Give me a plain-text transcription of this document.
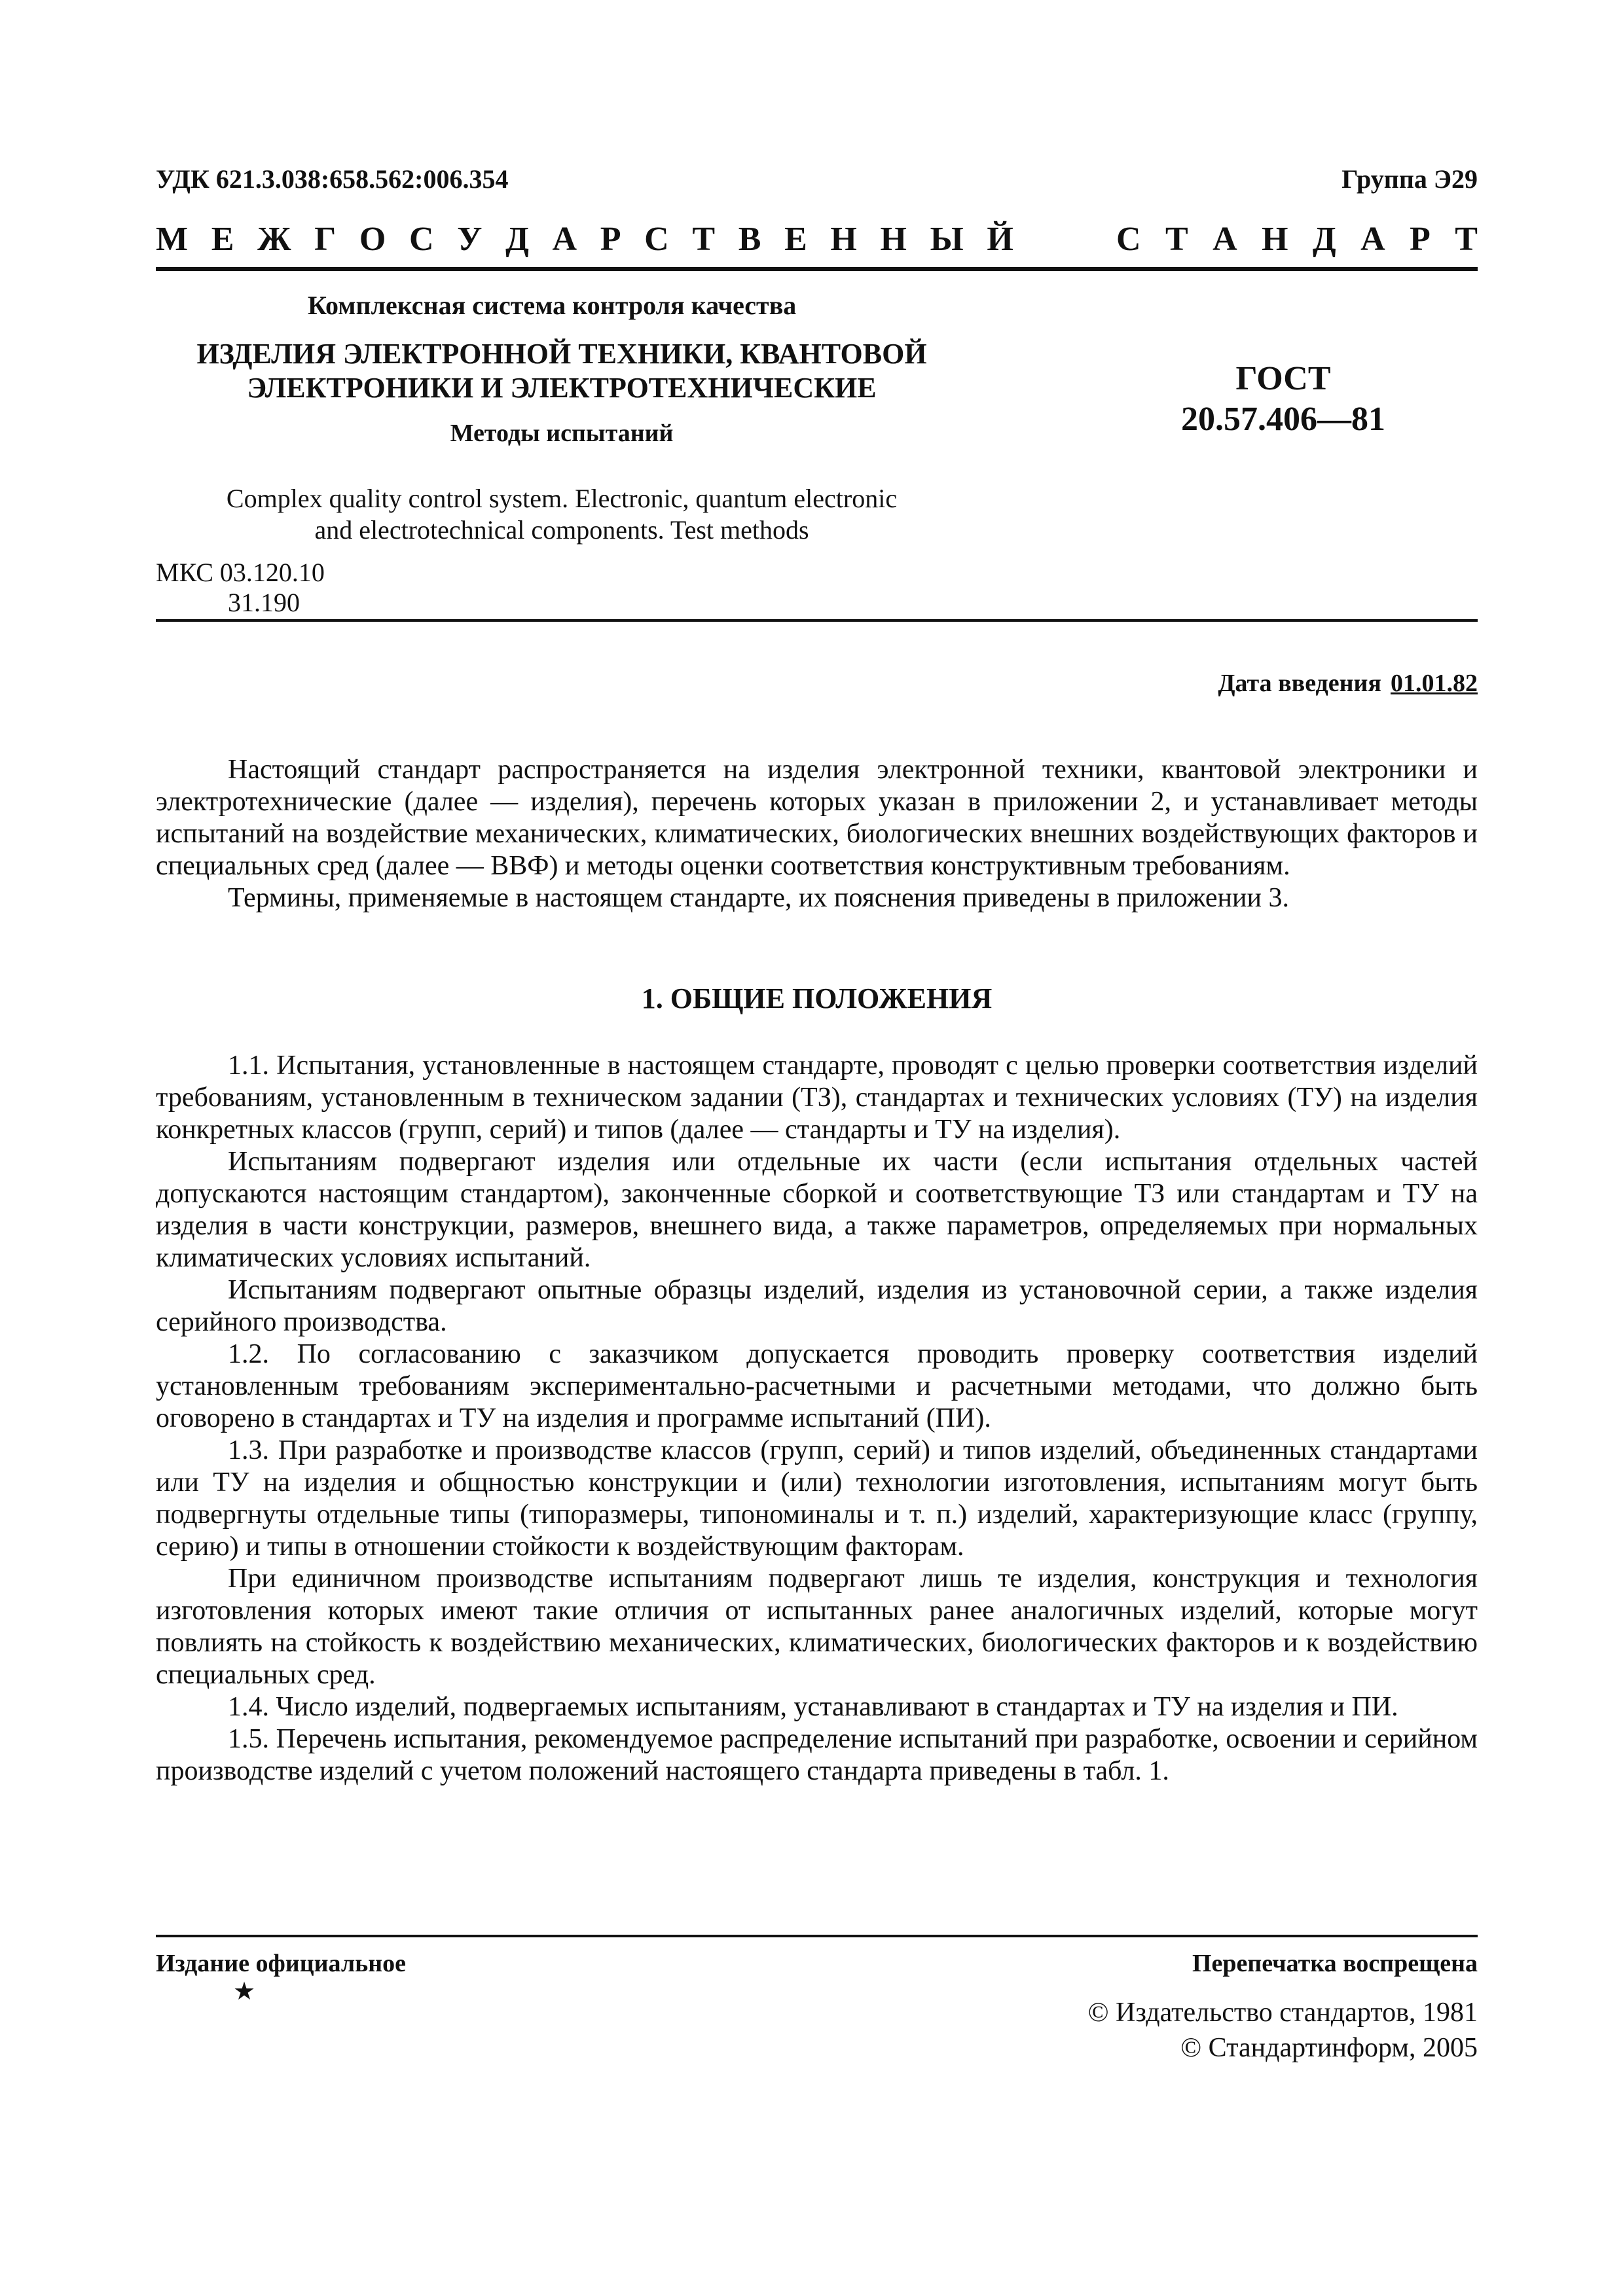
УДК 621.3.038:658.562:006.354	Группа Э29
М Е Ж Г О С У Д А Р С Т В Е Н Н Ы Й	С Т А Н Д А Р Т
Комплексная система контроля качества
ИЗДЕЛИЯ ЭЛЕКТРОННОЙ ТЕХНИКИ, КВАНТОВОЙ
ЭЛЕКТРОНИКИ И ЭЛЕКТРОТЕХНИЧЕСКИЕ
Методы испытаний
ГОСТ
20.57.406—81
Complex quality control system. Electronic, quantum electronic
and electrotechnical components. Test methods
МКС 03.120.10
31.190
Дата введения 01.01.82

Настоящий стандарт распространяется на изделия электронной техники, квантовой электроники и электротехнические (далее — изделия), перечень которых указан в приложении 2, и устанавливает методы испытаний на воздействие механических, климатических, биологических внешних воздействующих факторов и специальных сред (далее — ВВФ) и методы оценки соответствия конструктивным требованиям.

Термины, применяемые в настоящем стандарте, их пояснения приведены в приложении 3.

1. ОБЩИЕ ПОЛОЖЕНИЯ

1.1. Испытания, установленные в настоящем стандарте, проводят с целью проверки соответствия изделий требованиям, установленным в техническом задании (ТЗ), стандартах и технических условиях (ТУ) на изделия конкретных классов (групп, серий) и типов (далее — стандарты и ТУ на изделия).

Испытаниям подвергают изделия или отдельные их части (если испытания отдельных частей допускаются настоящим стандартом), законченные сборкой и соответствующие ТЗ или стандартам и ТУ на изделия в части конструкции, размеров, внешнего вида, а также параметров, определяемых при нормальных климатических условиях испытаний.

Испытаниям подвергают опытные образцы изделий, изделия из установочной серии, а также изделия серийного производства.

1.2. По согласованию с заказчиком допускается проводить проверку соответствия изделий установленным требованиям экспериментально-расчетными и расчетными методами, что должно быть оговорено в стандартах и ТУ на изделия и программе испытаний (ПИ).

1.3. При разработке и производстве классов (групп, серий) и типов изделий, объединенных стандартами или ТУ на изделия и общностью конструкции и (или) технологии изготовления, испытаниям могут быть подвергнуты отдельные типы (типоразмеры, типономиналы и т. п.) изделий, характеризующие класс (группу, серию) и типы в отношении стойкости к воздействующим факторам.

При единичном производстве испытаниям подвергают лишь те изделия, конструкция и технология изготовления которых имеют такие отличия от испытанных ранее аналогичных изделий, которые могут повлиять на стойкость к воздействию механических, климатических, биологических факторов и к воздействию специальных сред.

1.4. Число изделий, подвергаемых испытаниям, устанавливают в стандартах и ТУ на изделия и ПИ.

1.5. Перечень испытания, рекомендуемое распределение испытаний при разработке, освоении и серийном производстве изделий с учетом положений настоящего стандарта приведены в табл. 1.

Издание официальное
★
Перепечатка воспрещена
© Издательство стандартов, 1981
© Стандартинформ, 2005
